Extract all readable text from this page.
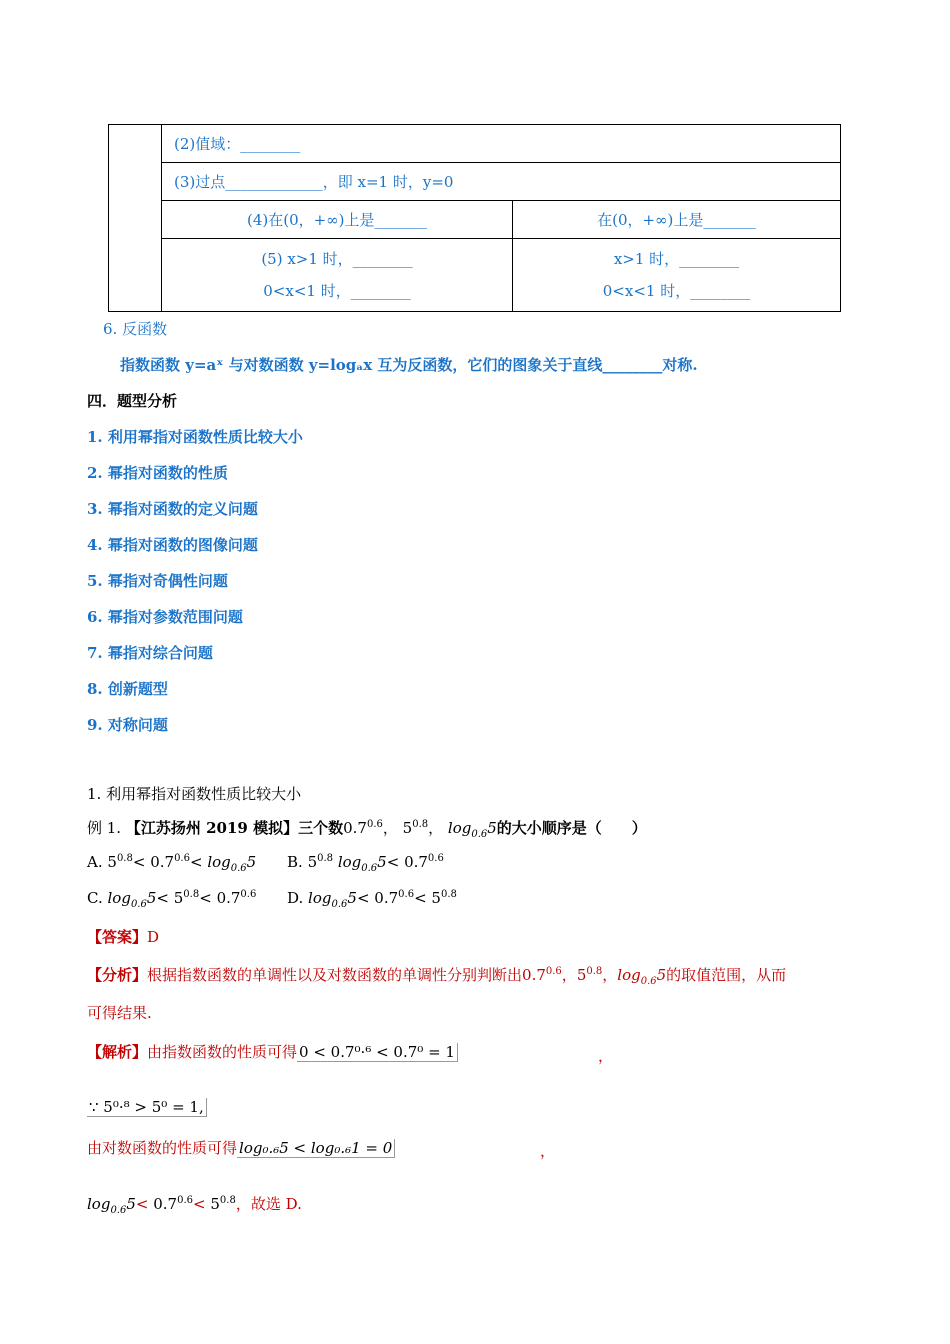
	(2)值域：________	
	(3)过点_____________，即 x=1 时，y=0	
	(4)在(0，+∞)上是_______	在(0，+∞)上是_______
	(5) x>1 时，________	x>1 时，________
	0<x<1 时，________	0<x<1 时，________
6. 反函数
指数函数 y=aˣ 与对数函数 y=logₐx 互为反函数，它们的图象关于直线________对称.
四．题型分析
1. 利用幂指对函数性质比较大小
2. 幂指对函数的性质
3. 幂指对函数的定义问题
4. 幂指对函数的图像问题
5. 幂指对奇偶性问题
6. 幂指对参数范围问题
7. 幂指对综合问题
8. 创新题型
9. 对称问题
1. 利用幂指对函数性质比较大小
例 1. 【江苏扬州 2019 模拟】三个数$0.7^{0.6}$， $5^{0.8}$， $\log_{0.6}5$的大小顺序是（　　）
A. $5^{0.8}< 0.7^{0.6}< \log_{0.6}5$ B. $5^{0.8}$ $\log_{0.6}5< 0.7^{0.6}$
C. $\log_{0.6}5< 5^{0.8}< 0.7^{0.6}$ D. $\log_{0.6}5< 0.7^{0.6}< 5^{0.8}$
【答案】D
【分析】根据指数函数的单调性以及对数函数的单调性分别判断出$0.7^{0.6}$，$5^{0.8}$，$\log_{0.6}5$的取值范围，从而
可得结果.
【解析】由指数函数的性质可得 0 < 0.7⁰·⁶ < 0.7⁰ = 1	，
∵ 5⁰·⁸ > 5⁰ = 1,
由对数函数的性质可得 log₀.₆5 < log₀.₆1 = 0	，
$\log_{0.6}5< 0.7^{0.6}< 5^{0.8}$，故选 D.
